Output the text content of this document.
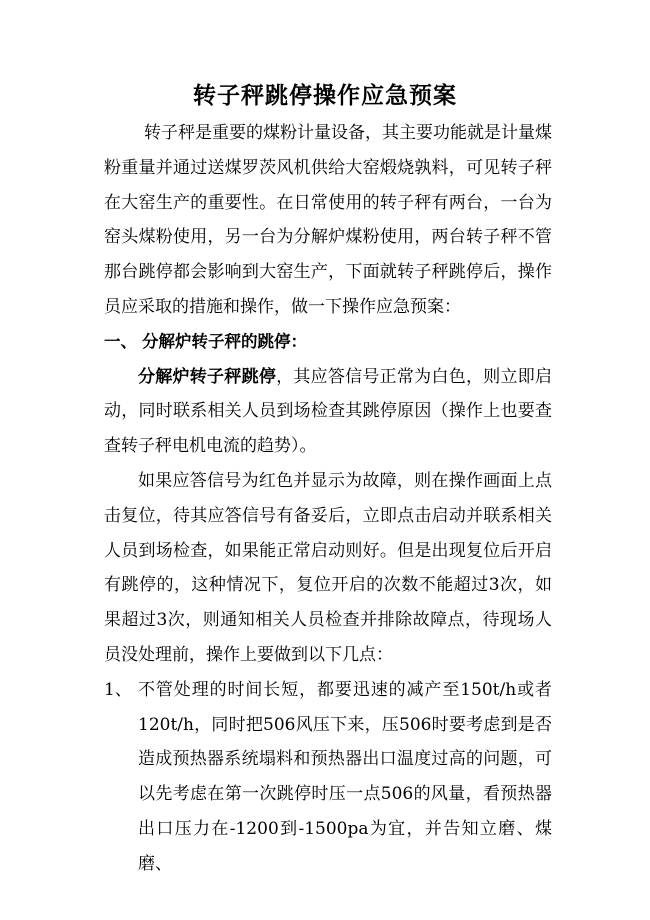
转子秤跳停操作应急预案

转子秤是重要的煤粉计量设备，其主要功能就是计量煤粉重量并通过送煤罗茨风机供给大窑煅烧孰料，可见转子秤在大窑生产的重要性。在日常使用的转子秤有两台，一台为窑头煤粉使用，另一台为分解炉煤粉使用，两台转子秤不管那台跳停都会影响到大窑生产，下面就转子秤跳停后，操作员应采取的措施和操作，做一下操作应急预案：

一、 分解炉转子秤的跳停：

分解炉转子秤跳停，其应答信号正常为白色，则立即启动，同时联系相关人员到场检查其跳停原因（操作上也要查查转子秤电机电流的趋势）。

如果应答信号为红色并显示为故障，则在操作画面上点击复位，待其应答信号有备妥后，立即点击启动并联系相关人员到场检查，如果能正常启动则好。但是出现复位后开启有跳停的，这种情况下，复位开启的次数不能超过3次，如果超过3次，则通知相关人员检查并排除故障点，待现场人员没处理前，操作上要做到以下几点：

1、 不管处理的时间长短，都要迅速的减产至150t/h或者120t/h，同时把506风压下来，压506时要考虑到是否造成预热器系统塌料和预热器出口温度过高的问题，可以先考虑在第一次跳停时压一点506的风量，看预热器出口压力在-1200到-1500pa为宜，并告知立磨、煤磨、
